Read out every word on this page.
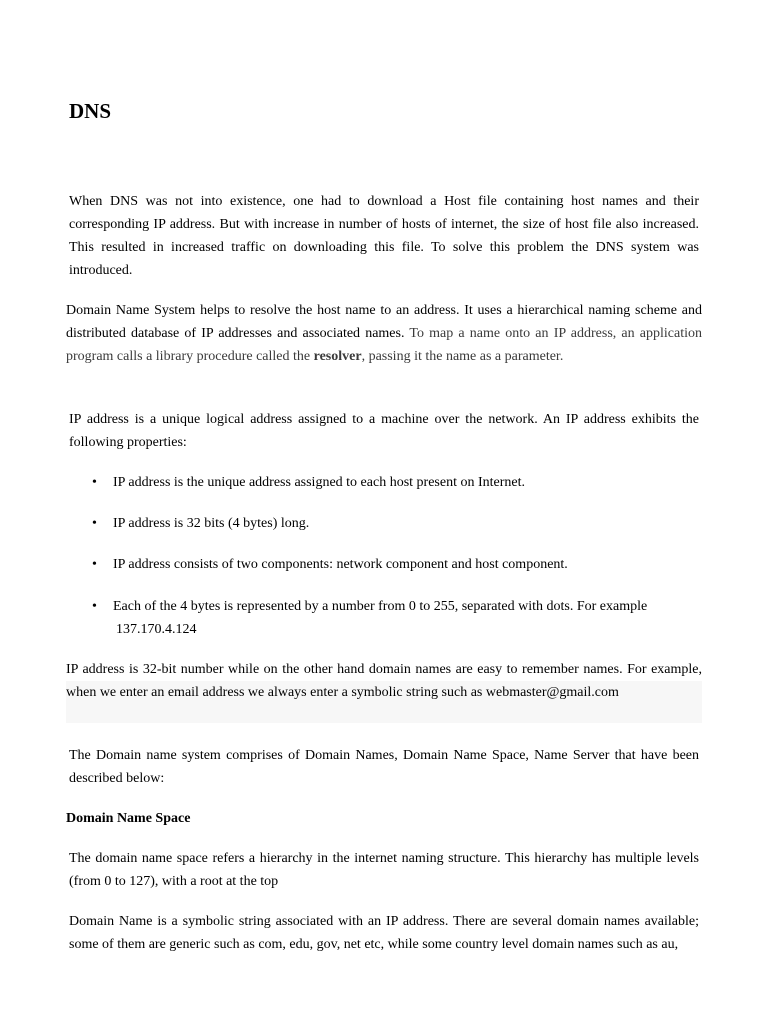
DNS

When DNS was not into existence, one had to download a Host file containing host names and their corresponding IP address. But with increase in number of hosts of internet, the size of host file also increased. This resulted in increased traffic on downloading this file. To solve this problem the DNS system was introduced.

Domain Name System helps to resolve the host name to an address. It uses a hierarchical naming scheme and distributed database of IP addresses and associated names. To map a name onto an IP address, an application program calls a library procedure called the resolver, passing it the name as a parameter.

IP address is a unique logical address assigned to a machine over the network. An IP address exhibits the following properties:

• IP address is the unique address assigned to each host present on Internet.
• IP address is 32 bits (4 bytes) long.
• IP address consists of two components: network component and host component.
• Each of the 4 bytes is represented by a number from 0 to 255, separated with dots. For example
137.170.4.124

IP address is 32-bit number while on the other hand domain names are easy to remember names. For example, when we enter an email address we always enter a symbolic string such as webmaster@gmail.com

The Domain name system comprises of Domain Names, Domain Name Space, Name Server that have been described below:

Domain Name Space

The domain name space refers a hierarchy in the internet naming structure. This hierarchy has multiple levels (from 0 to 127), with a root at the top

Domain Name is a symbolic string associated with an IP address. There are several domain names available; some of them are generic such as com, edu, gov, net etc, while some country level domain names such as au,
